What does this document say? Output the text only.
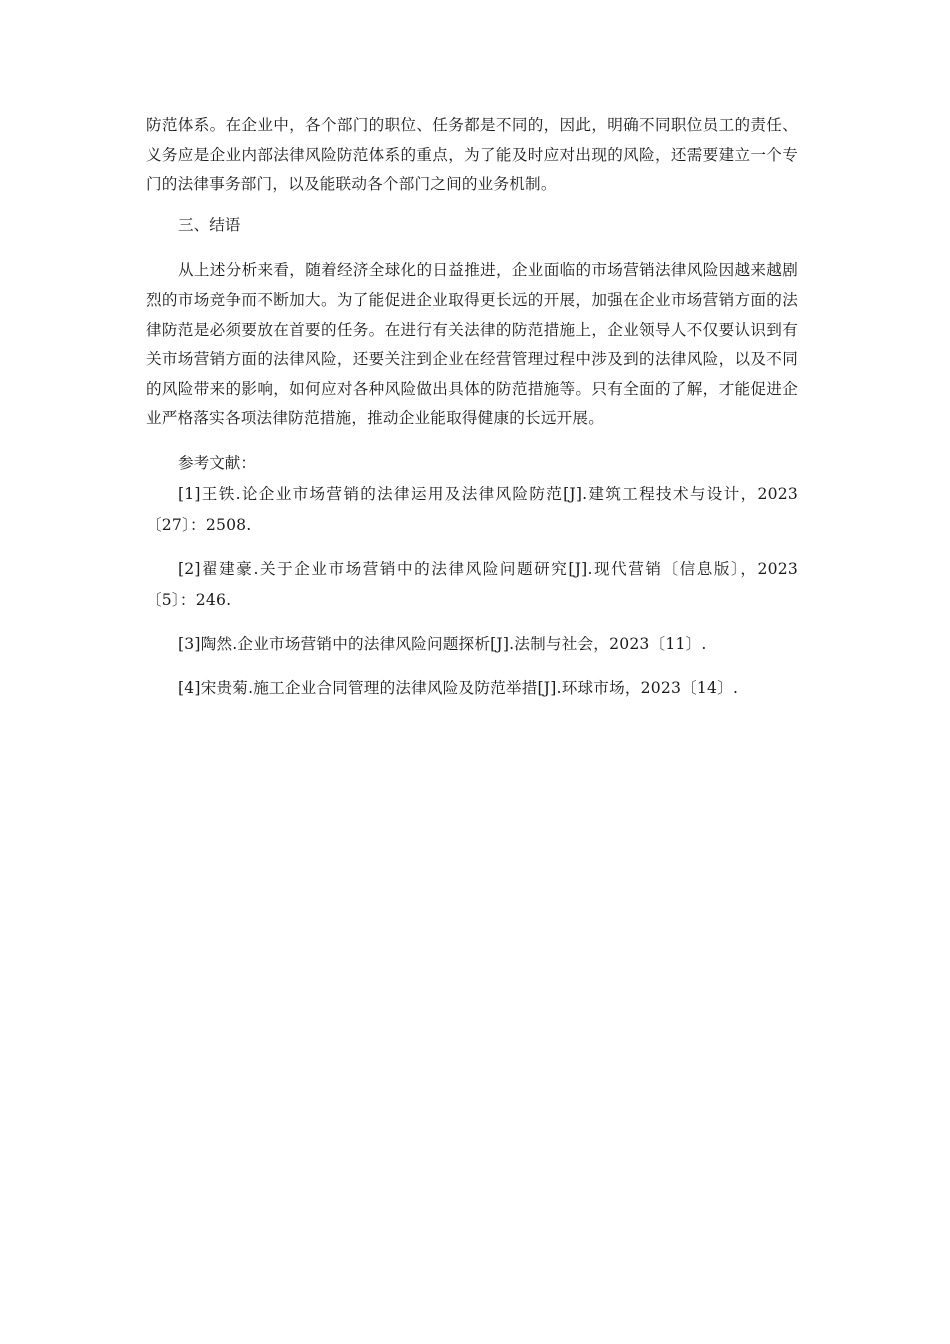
防范体系。在企业中，各个部门的职位、任务都是不同的，因此，明确不同职位员工的责任、义务应是企业内部法律风险防范体系的重点，为了能及时应对出现的风险，还需要建立一个专门的法律事务部门，以及能联动各个部门之间的业务机制。

三、结语

从上述分析来看，随着经济全球化的日益推进，企业面临的市场营销法律风险因越来越剧烈的市场竞争而不断加大。为了能促进企业取得更长远的开展，加强在企业市场营销方面的法律防范是必须要放在首要的任务。在进行有关法律的防范措施上，企业领导人不仅要认识到有关市场营销方面的法律风险，还要关注到企业在经营管理过程中涉及到的法律风险，以及不同的风险带来的影响，如何应对各种风险做出具体的防范措施等。只有全面的了解，才能促进企业严格落实各项法律防范措施，推动企业能取得健康的长远开展。

参考文献：

[1]王铁.论企业市场营销的法律运用及法律风险防范[J].建筑工程技术与设计，2023〔27〕：2508.
[2]翟建豪.关于企业市场营销中的法律风险问题研究[J].现代营销〔信息版〕，2023〔5〕：246.
[3]陶然.企业市场营销中的法律风险问题探析[J].法制与社会，2023〔11〕.
[4]宋贵菊.施工企业合同管理的法律风险及防范举措[J].环球市场，2023〔14〕.
